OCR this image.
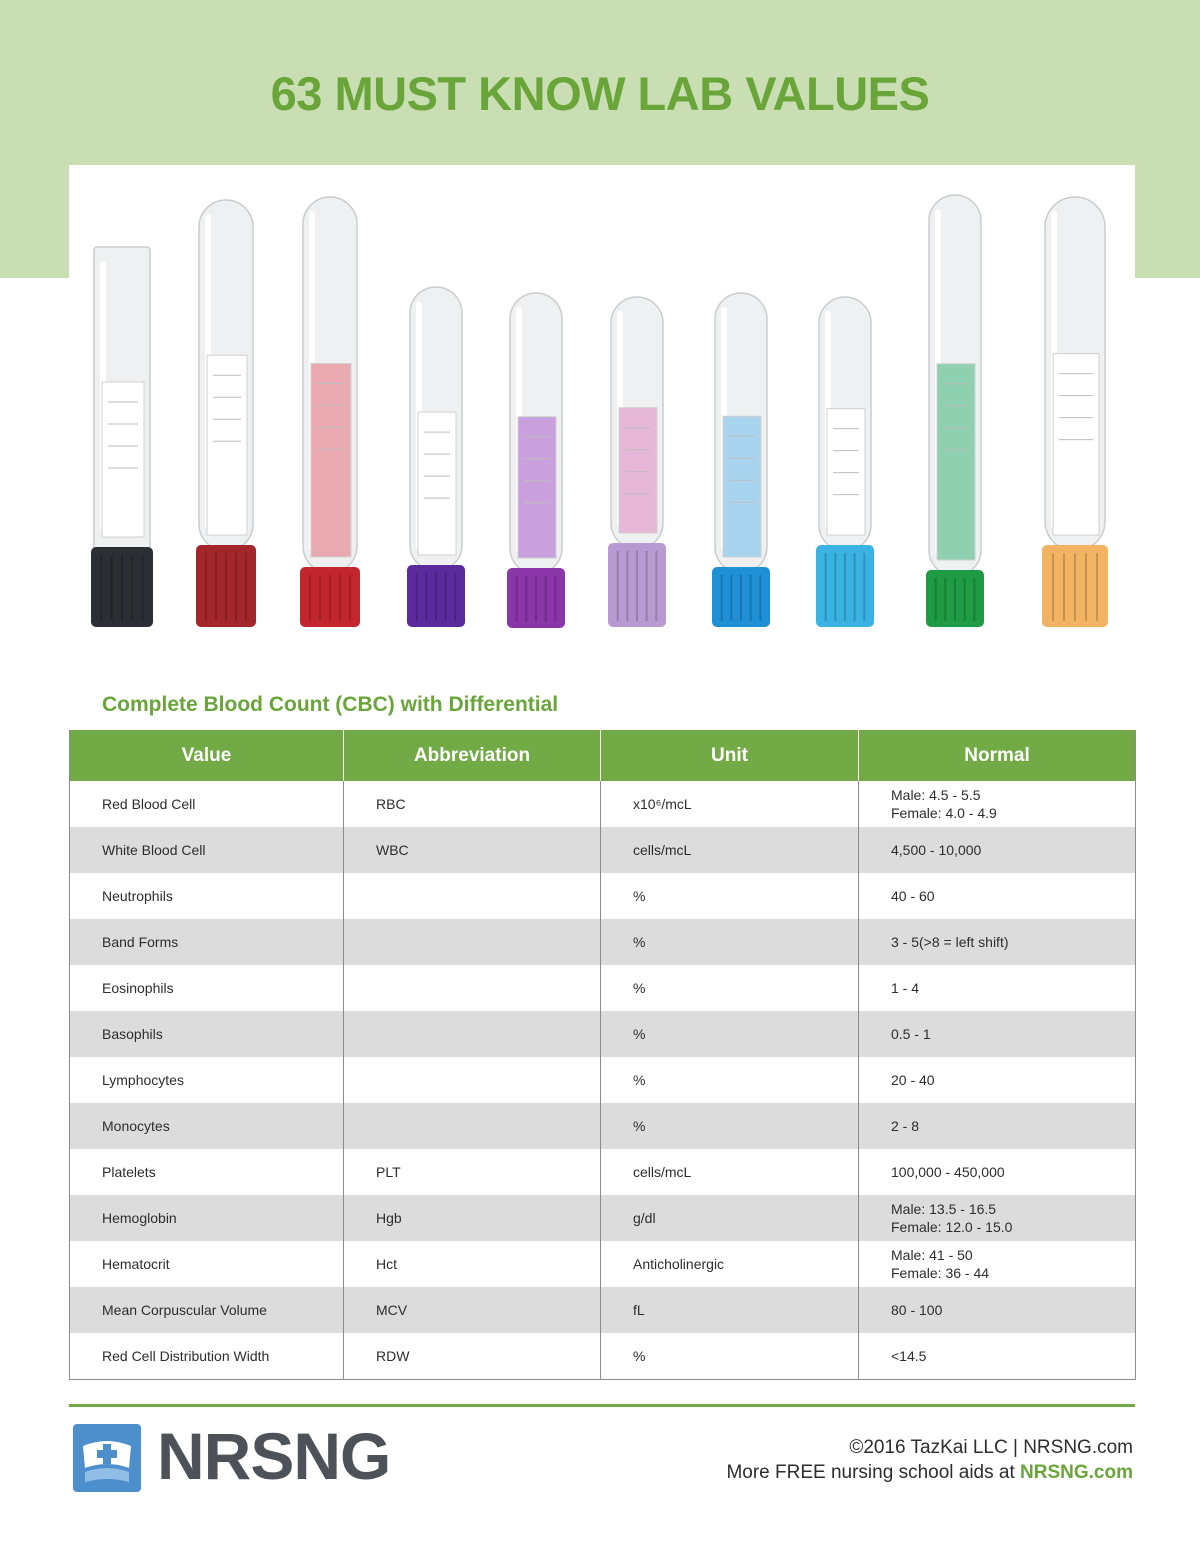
63 MUST KNOW LAB VALUES
Complete Blood Count (CBC) with Differential
Value	Abbreviation	Unit	Normal
Red Blood Cell	RBC	x10⁶/mcL	Male: 4.5 - 5.5
Female: 4.0 - 4.9

White Blood Cell	WBC	cells/mcL	4,500 - 10,000

Neutrophils		%	40 - 60

Band Forms		%	3 - 5(>8 = left shift)

Eosinophils		%	1 - 4

Basophils		%	0.5 - 1

Lymphocytes		%	20 - 40

Monocytes		%	2 - 8

Platelets	PLT	cells/mcL	100,000 - 450,000

Hemoglobin	Hgb	g/dl	Male: 13.5 - 16.5
Female: 12.0 - 15.0

Hematocrit	Hct	Anticholinergic	Male: 41 - 50
Female: 36 - 44

Mean Corpuscular Volume	MCV	fL	80 - 100

Red Cell Distribution Width	RDW	%	<14.5
NRSNG	©2016 TazKai LLC | NRSNG.com
More FREE nursing school aids at NRSNG.com
